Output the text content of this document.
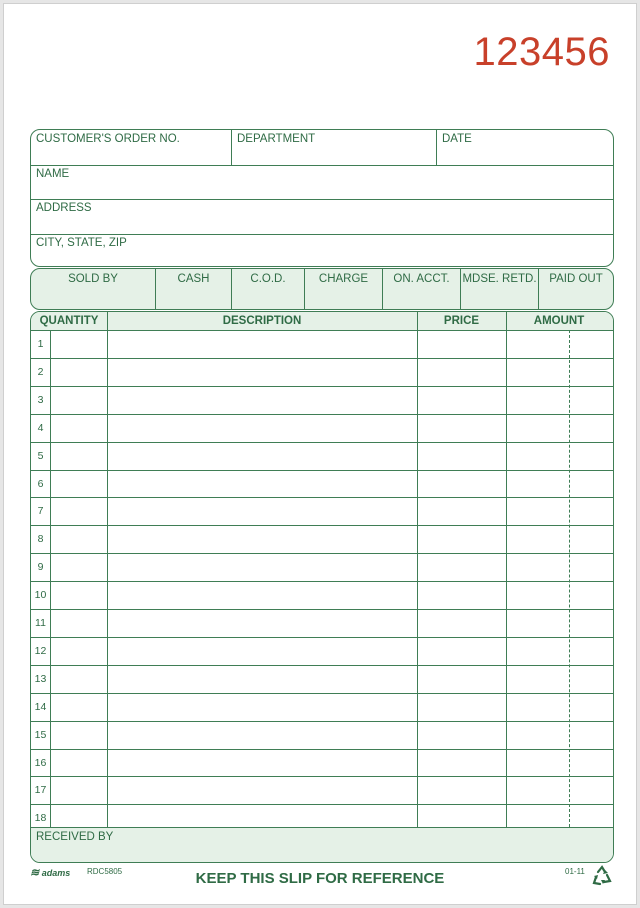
123456
CUSTOMER'S ORDER NO.	DEPARTMENT	DATE
NAME
ADDRESS
CITY, STATE, ZIP
SOLD BY	CASH	C.O.D.	CHARGE	ON. ACCT.	MDSE. RETD.	PAID OUT
QUANTITY	DESCRIPTION	PRICE	AMOUNT
1
2
3
4
5
6
7
8
9
10
11
12
13
14
15
16
17
18
RECEIVED BY
≋ adams RDC5805	KEEP THIS SLIP FOR REFERENCE	01-11
